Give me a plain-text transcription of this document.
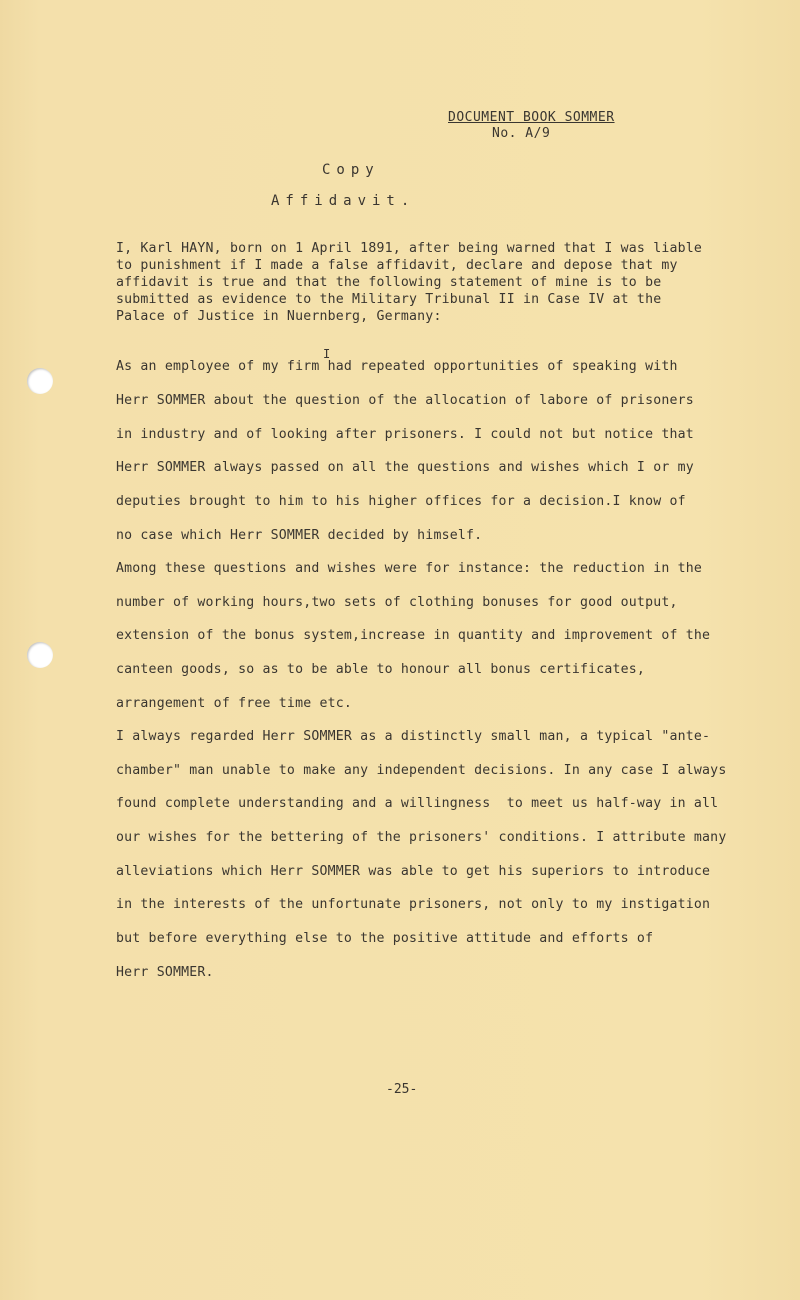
DOCUMENT BOOK SOMMER
No. A/9
Copy
Affidavit.
I, Karl HAYN, born on 1 April 1891, after being warned that I was liable
to punishment if I made a false affidavit, declare and depose that my
affidavit is true and that the following statement of mine is to be
submitted as evidence to the Military Tribunal II in Case IV at the
Palace of Justice in Nuernberg, Germany:
I
As an employee of my firm had repeated opportunities of speaking with
Herr SOMMER about the question of the allocation of labore of prisoners
in industry and of looking after prisoners. I could not but notice that
Herr SOMMER always passed on all the questions and wishes which I or my
deputies brought to him to his higher offices for a decision.I know of
no case which Herr SOMMER decided by himself.
Among these questions and wishes were for instance: the reduction in the
number of working hours,two sets of clothing bonuses for good output,
extension of the bonus system,increase in quantity and improvement of the
canteen goods, so as to be able to honour all bonus certificates,
arrangement of free time etc.
I always regarded Herr SOMMER as a distinctly small man, a typical "ante-
chamber" man unable to make any independent decisions. In any case I always
found complete understanding and a willingness  to meet us half-way in all
our wishes for the bettering of the prisoners' conditions. I attribute many
alleviations which Herr SOMMER was able to get his superiors to introduce
in the interests of the unfortunate prisoners, not only to my instigation
but before everything else to the positive attitude and efforts of
Herr SOMMER.
-25-
